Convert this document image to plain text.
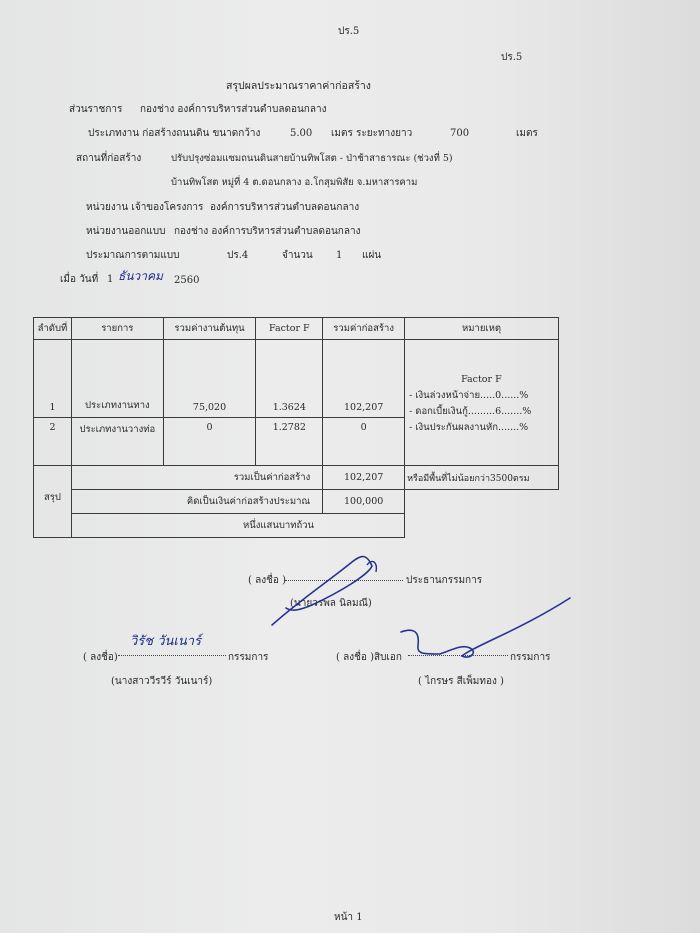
ปร.5
ปร.5
สรุปผลประมาณราคาค่าก่อสร้าง
ส่วนราชการ กองช่าง องค์การบริหารส่วนตำบลดอนกลาง
ประเภทงาน ก่อสร้างถนนดิน ขนาดกว้าง	5.00 เมตร ระยะทางยาว	700	เมตร
สถานที่ก่อสร้าง	ปรับปรุงซ่อมแซมถนนดินสายบ้านทิพโสต - ป่าช้าสาธารณะ (ช่วงที่ 5)
บ้านทิพโสต หมู่ที่ 4 ต.ดอนกลาง อ.โกสุมพิสัย จ.มหาสารคาม
หน่วยงาน เจ้าของโครงการ องค์การบริหารส่วนตำบลดอนกลาง
หน่วยงานออกแบบ กองช่าง องค์การบริหารส่วนตำบลดอนกลาง
ประมาณการตามแบบ	ปร.4	จำนวน 1 แผ่น
เมื่อ วันที่ 1 ธันวาคม 2560
ลำดับที่	รายการ	รวมค่างานต้นทุน	Factor F	รวมค่าก่อสร้าง	หมายเหตุ
1	ประเภทงานทาง	75,020	1.3624	102,207	Factor F
- เงินล่วงหน้าจ่าย.....0......%
- ดอกเบี้ยเงินกู้.........6.......%
- เงินประกันผลงานหัก.......%

2	ประเภทงานวางท่อ	0	1.2782	0	
สรุป	รวมเป็นค่าก่อสร้าง			102,207	หรือมีพื้นที่ไม่น้อยกว่า3500ตรม
	คิดเป็นเงินค่าก่อสร้างประมาณ			100,000	
	หนึ่งแสนบาทถ้วน				
( ลงชื่อ )	ประธานกรรมการ
(นายวรพล นิลมณี)
( ลงชื่อ)
วิรัช วันเนาร์
กรรมการ
(นางสาววีรวีร์ วันเนาร์)
( ลงชื่อ )สิบเอก	กรรมการ
( ไกรษร สีเพ็มทอง )
หน้า 1
